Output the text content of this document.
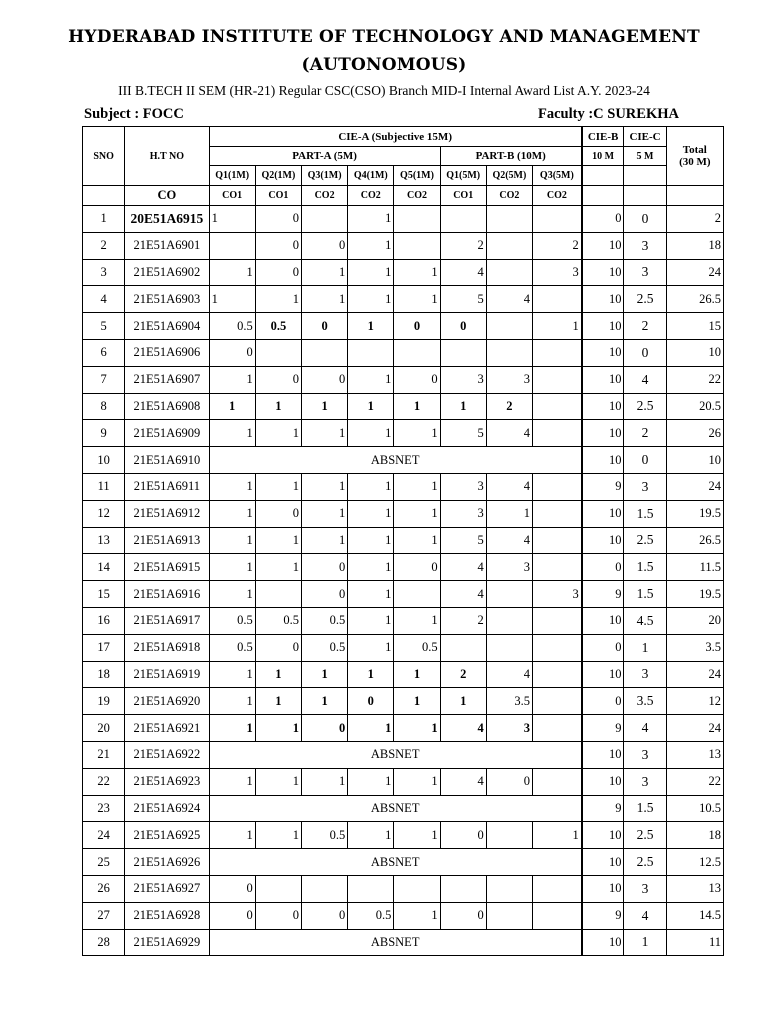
HYDERABAD INSTITUTE OF TECHNOLOGY AND MANAGEMENT
(AUTONOMOUS)
III B.TECH II SEM (HR-21) Regular CSC(CSO) Branch MID-I Internal Award List A.Y. 2023-24
Subject : FOCC	Faculty :C SUREKHA
SNO	H.T NO	CIE-A (Subjective 15M)								CIE-B	CIE-C	Total
(30 M)
		PART-A (5M)					PART-B (10M)			10 M	5 M	
		Q1(1M)	Q2(1M)	Q3(1M)	Q4(1M)	Q5(1M)	Q1(5M)	Q2(5M)	Q3(5M)			
	CO	CO1	CO1	CO2	CO2	CO2	CO1	CO2	CO2			
1	20E51A6915	1	0		1					0	0	2
2	21E51A6901		0	0	1		2		2	10	3	18
3	21E51A6902	1	0	1	1	1	4		3	10	3	24
4	21E51A6903	1	1	1	1	1	5	4		10	2.5	26.5
5	21E51A6904	0.5	0.5	0	1	0	0		1	10	2	15
6	21E51A6906	0								10	0	10
7	21E51A6907	1	0	0	1	0	3	3		10	4	22
8	21E51A6908	1	1	1	1	1	1	2		10	2.5	20.5
9	21E51A6909	1	1	1	1	1	5	4		10	2	26
10	21E51A6910	ABSNET								10	0	10
11	21E51A6911	1	1	1	1	1	3	4		9	3	24
12	21E51A6912	1	0	1	1	1	3	1		10	1.5	19.5
13	21E51A6913	1	1	1	1	1	5	4		10	2.5	26.5
14	21E51A6915	1	1	0	1	0	4	3		0	1.5	11.5
15	21E51A6916	1		0	1		4		3	9	1.5	19.5
16	21E51A6917	0.5	0.5	0.5	1	1	2			10	4.5	20
17	21E51A6918	0.5	0	0.5	1	0.5				0	1	3.5
18	21E51A6919	1	1	1	1	1	2	4		10	3	24
19	21E51A6920	1	1	1	0	1	1	3.5		0	3.5	12
20	21E51A6921	1	1	0	1	1	4	3		9	4	24
21	21E51A6922	ABSNET								10	3	13
22	21E51A6923	1	1	1	1	1	4	0		10	3	22
23	21E51A6924	ABSNET								9	1.5	10.5
24	21E51A6925	1	1	0.5	1	1	0		1	10	2.5	18
25	21E51A6926	ABSNET								10	2.5	12.5
26	21E51A6927	0								10	3	13
27	21E51A6928	0	0	0	0.5	1	0			9	4	14.5
28	21E51A6929	ABSNET								10	1	11
